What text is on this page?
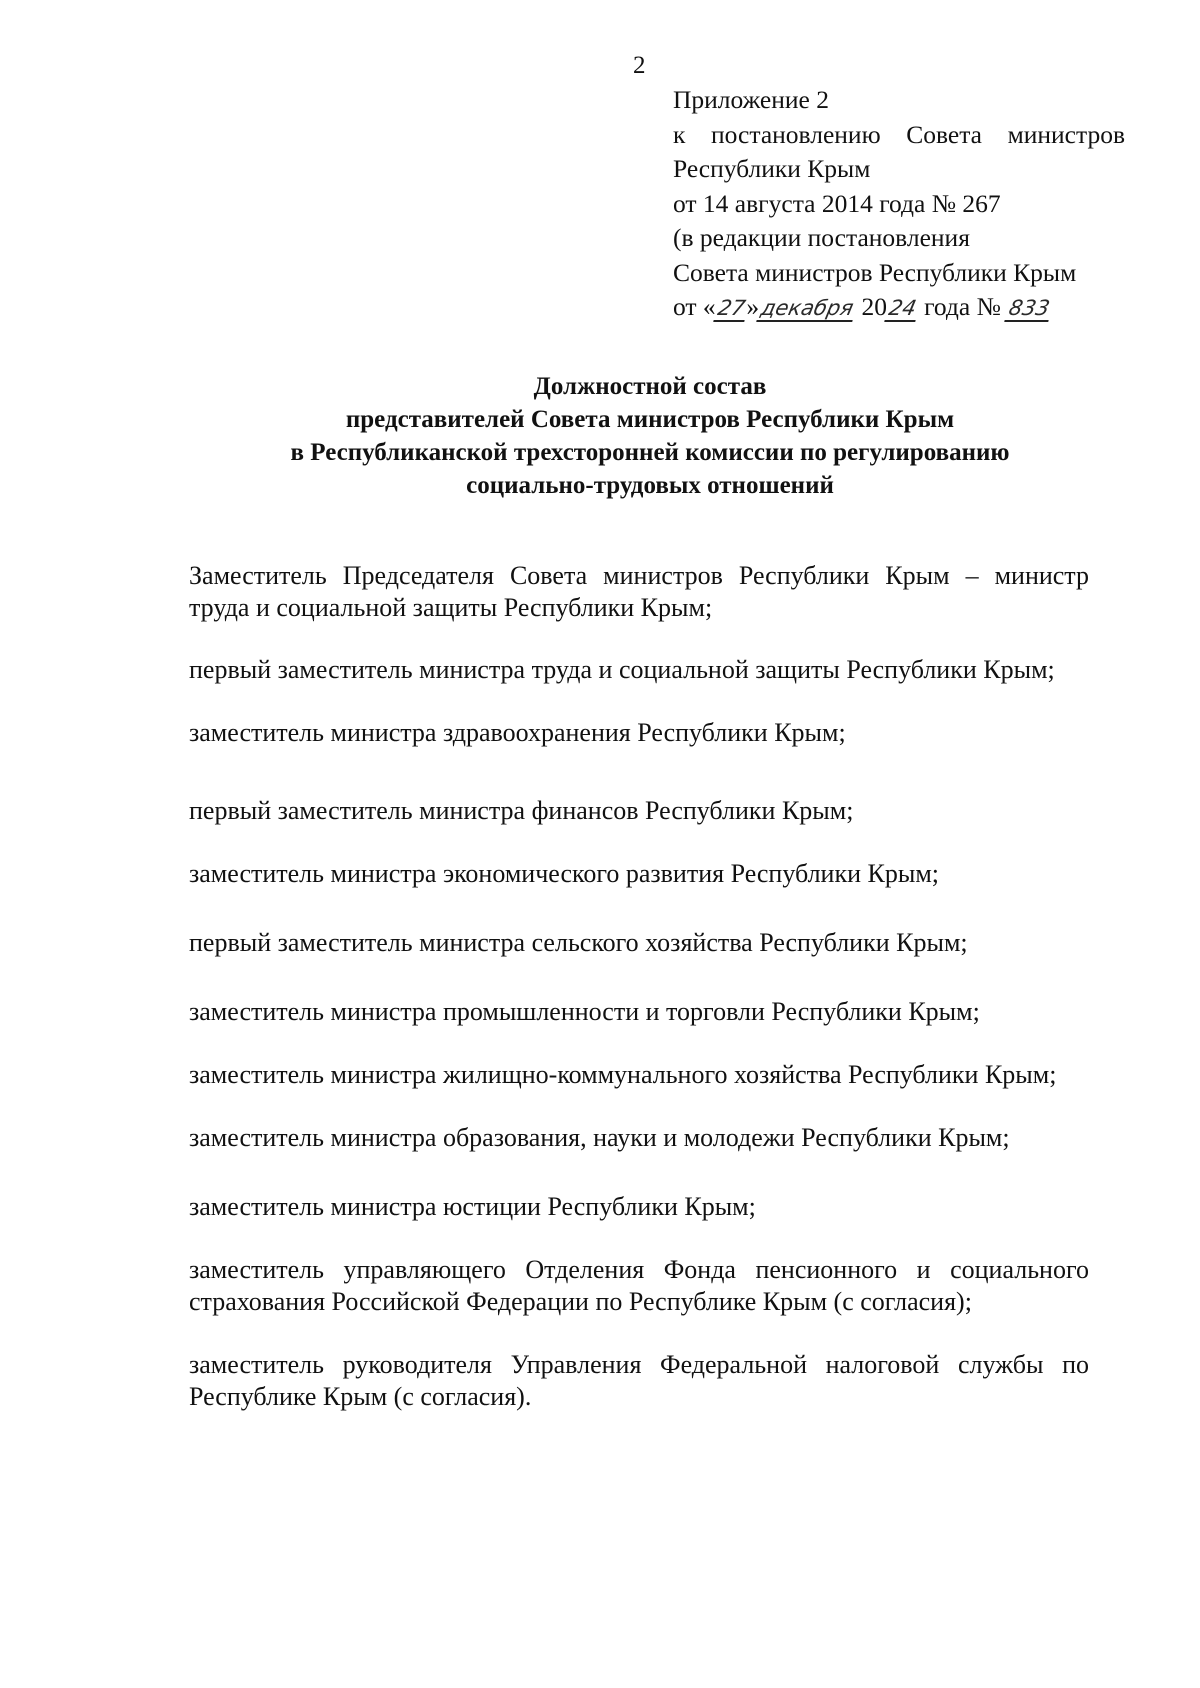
2
Приложение 2
к постановлению Совета министров
Республики Крым
от 14 августа 2014 года № 267
(в редакции постановления
Совета министров Республики Крым
от «27»декабря 2024 года № 833
Должностной состав
представителей Совета министров Республики Крым
в Республиканской трехсторонней комиссии по регулированию
социально-трудовых отношений

Заместитель Председателя Совета министров Республики Крым – министр труда и социальной защиты Республики Крым;

первый заместитель министра труда и социальной защиты Республики Крым;

заместитель министра здравоохранения Республики Крым;

первый заместитель министра финансов Республики Крым;

заместитель министра экономического развития Республики Крым;

первый заместитель министра сельского хозяйства Республики Крым;

заместитель министра промышленности и торговли Республики Крым;

заместитель министра жилищно-коммунального хозяйства Республики Крым;

заместитель министра образования, науки и молодежи Республики Крым;

заместитель министра юстиции Республики Крым;

заместитель управляющего Отделения Фонда пенсионного и социального страхования Российской Федерации по Республике Крым (с согласия);

заместитель руководителя Управления Федеральной налоговой службы по Республике Крым (с согласия).
